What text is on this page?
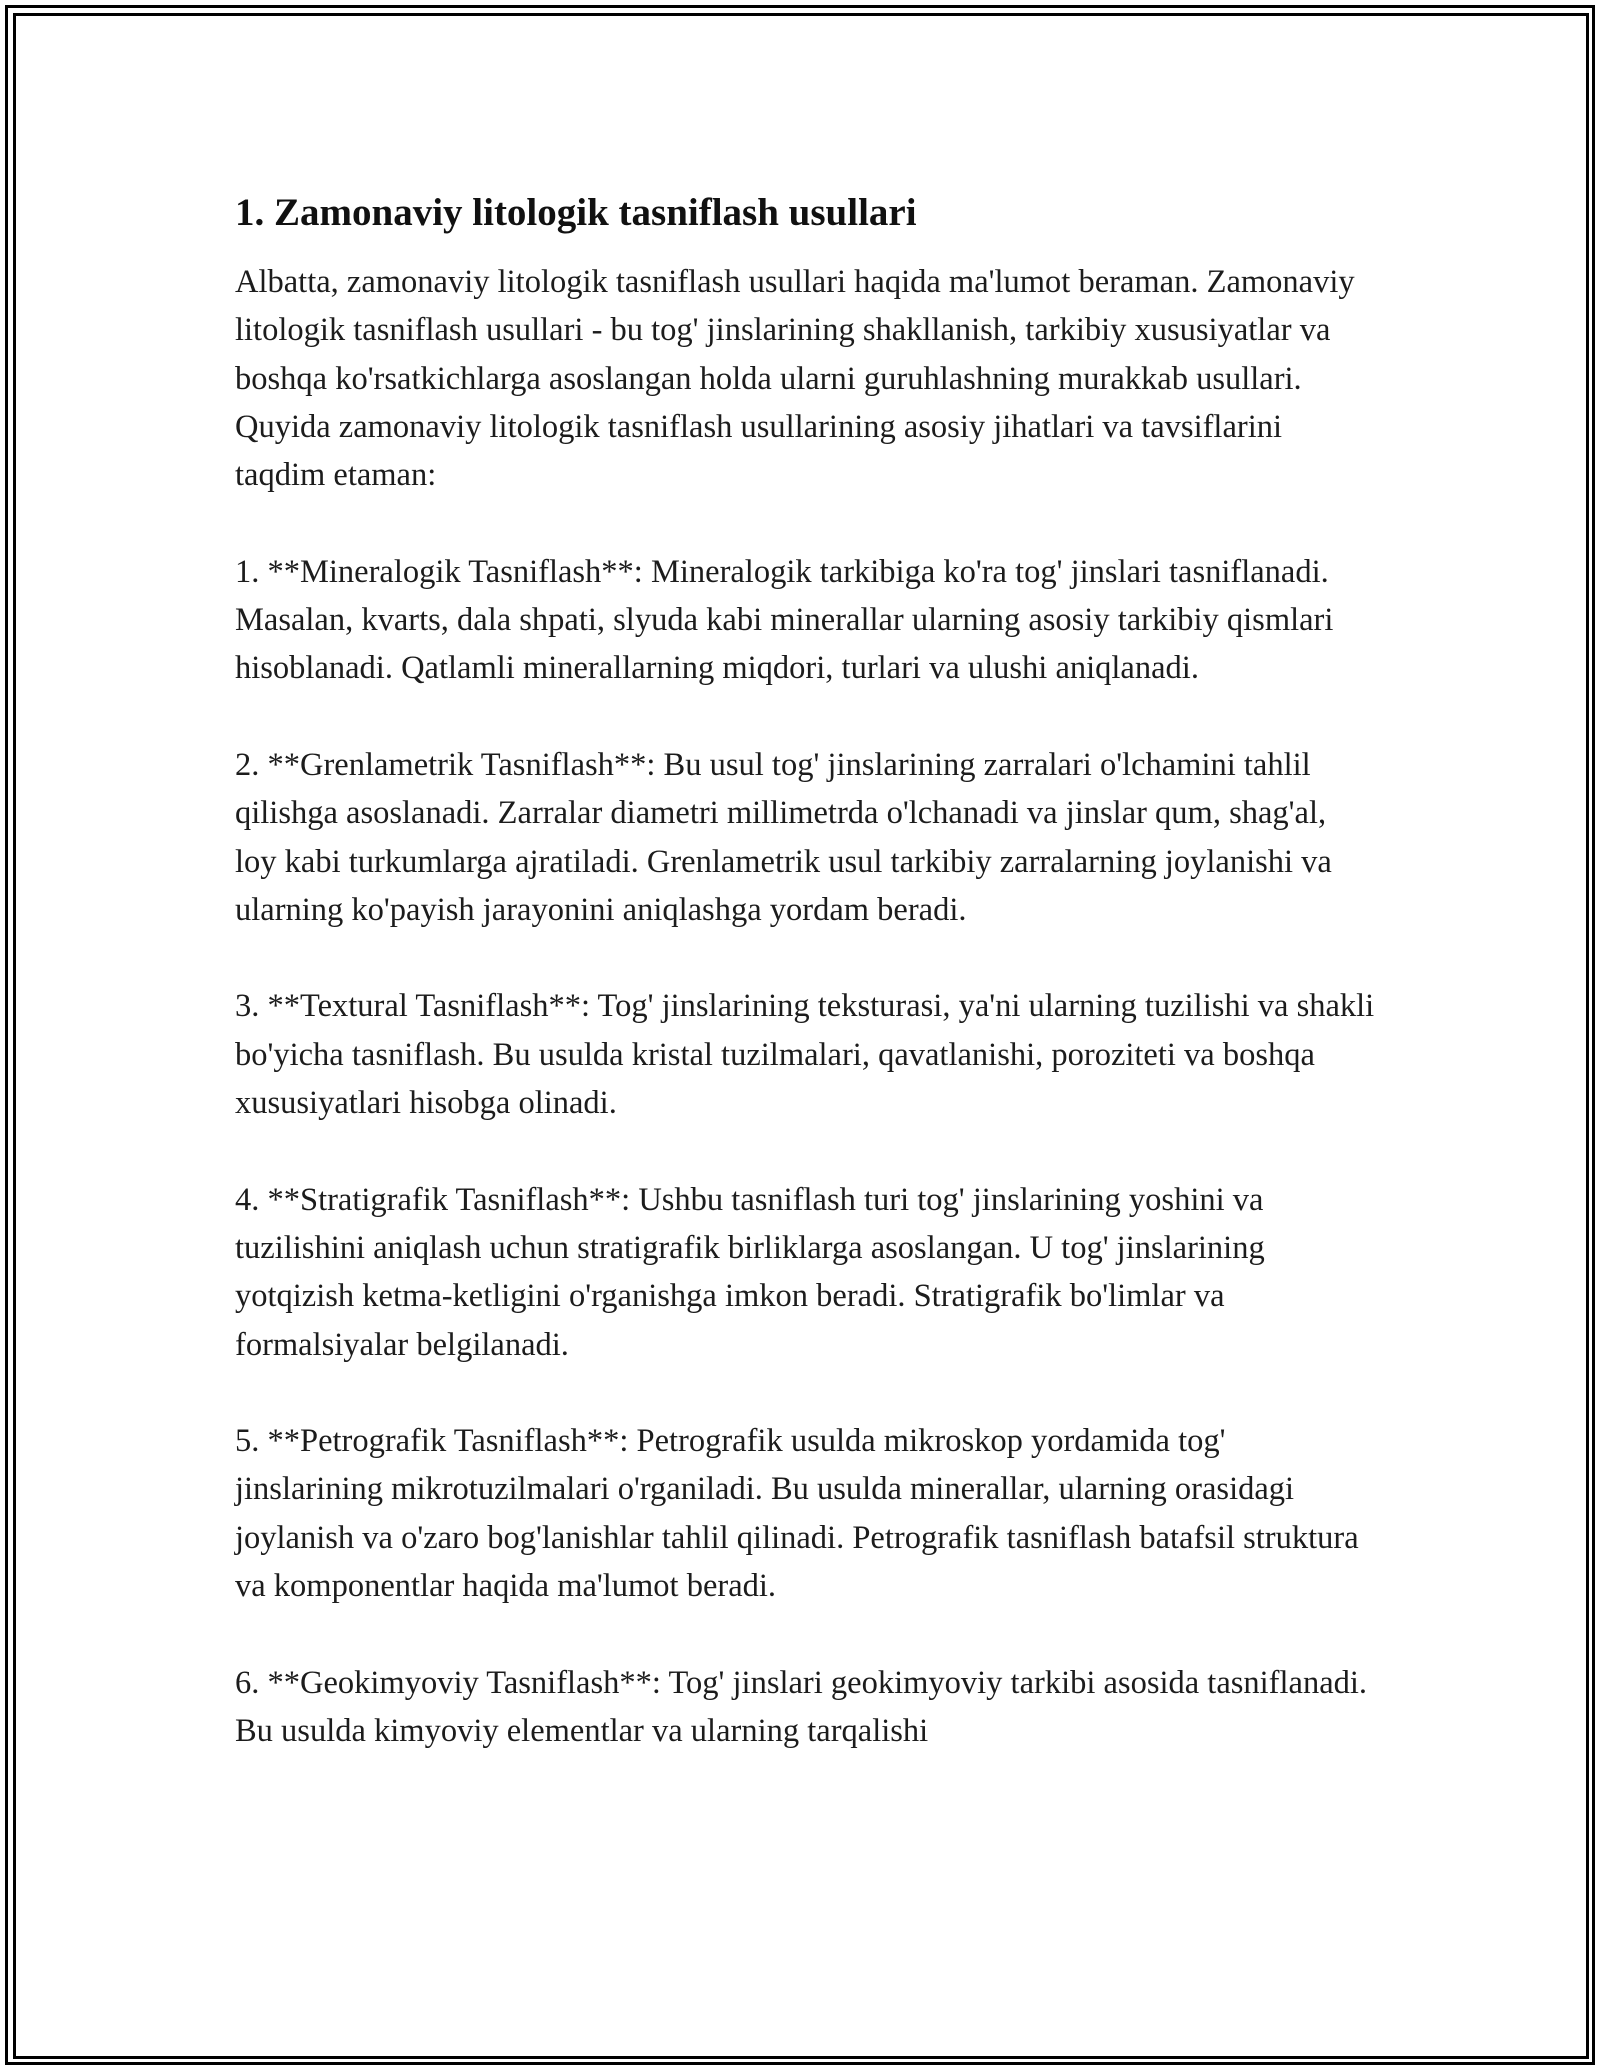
1. Zamonaviy litologik tasniflash usullari

Albatta, zamonaviy litologik tasniflash usullari haqida ma'lumot beraman. Zamonaviy litologik tasniflash usullari - bu tog' jinslarining shakllanish, tarkibiy xususiyatlar va boshqa ko'rsatkichlarga asoslangan holda ularni guruhlashning murakkab usullari. Quyida zamonaviy litologik tasniflash usullarining asosiy jihatlari va tavsiflarini taqdim etaman:

1. **Mineralogik Tasniflash**: Mineralogik tarkibiga ko'ra tog' jinslari tasniflanadi. Masalan, kvarts, dala shpati, slyuda kabi minerallar ularning asosiy tarkibiy qismlari hisoblanadi. Qatlamli minerallarning miqdori, turlari va ulushi aniqlanadi.

2. **Grenlametrik Tasniflash**: Bu usul tog' jinslarining zarralari o'lchamini tahlil qilishga asoslanadi. Zarralar diametri millimetrda o'lchanadi va jinslar qum, shag'al, loy kabi turkumlarga ajratiladi. Grenlametrik usul tarkibiy zarralarning joylanishi va ularning ko'payish jarayonini aniqlashga yordam beradi.

3. **Textural Tasniflash**: Tog' jinslarining teksturasi, ya'ni ularning tuzilishi va shakli bo'yicha tasniflash. Bu usulda kristal tuzilmalari, qavatlanishi, poroziteti va boshqa xususiyatlari hisobga olinadi.

4. **Stratigrafik Tasniflash**: Ushbu tasniflash turi tog' jinslarining yoshini va tuzilishini aniqlash uchun stratigrafik birliklarga asoslangan. U tog' jinslarining yotqizish ketma-ketligini o'rganishga imkon beradi. Stratigrafik bo'limlar va formalsiyalar belgilanadi.

5. **Petrografik Tasniflash**: Petrografik usulda mikroskop yordamida tog' jinslarining mikrotuzilmalari o'rganiladi. Bu usulda minerallar, ularning orasidagi joylanish va o'zaro bog'lanishlar tahlil qilinadi. Petrografik tasniflash batafsil struktura va komponentlar haqida ma'lumot beradi.

6. **Geokimyoviy Tasniflash**: Tog' jinslari geokimyoviy tarkibi asosida tasniflanadi. Bu usulda kimyoviy elementlar va ularning tarqalishi
